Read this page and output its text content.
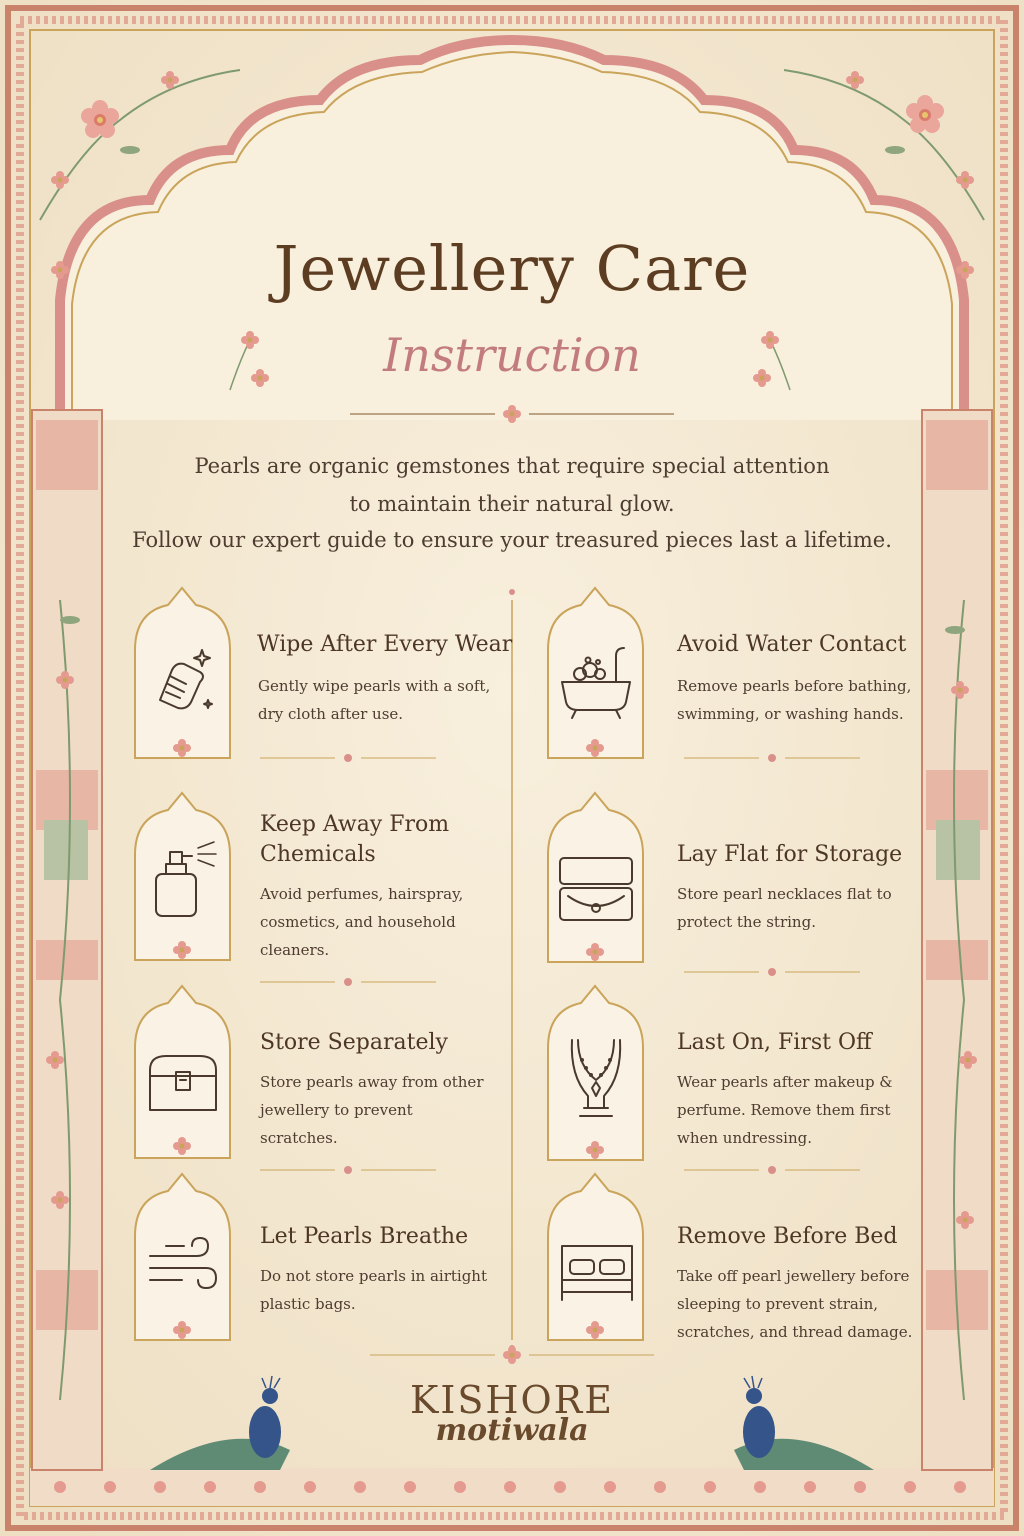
Jewellery Care
Instruction
Pearls are organic gemstones that require special attention
to maintain their natural glow.
Follow our expert guide to ensure your treasured pieces last a lifetime.
Wipe After Every Wear
Gently wipe pearls with a soft,
dry cloth after use.
Keep Away From
Chemicals
Avoid perfumes, hairspray,
cosmetics, and household
cleaners.
Store Separately
Store pearls away from other
jewellery to prevent
scratches.
Let Pearls Breathe
Do not store pearls in airtight
plastic bags.
Avoid Water Contact
Remove pearls before bathing,
swimming, or washing hands.
Lay Flat for Storage
Store pearl necklaces flat to
protect the string.
Last On, First Off
Wear pearls after makeup &
perfume. Remove them first
when undressing.
Remove Before Bed
Take off pearl jewellery before
sleeping to prevent strain,
scratches, and thread damage.
KISHORE
motiwala
